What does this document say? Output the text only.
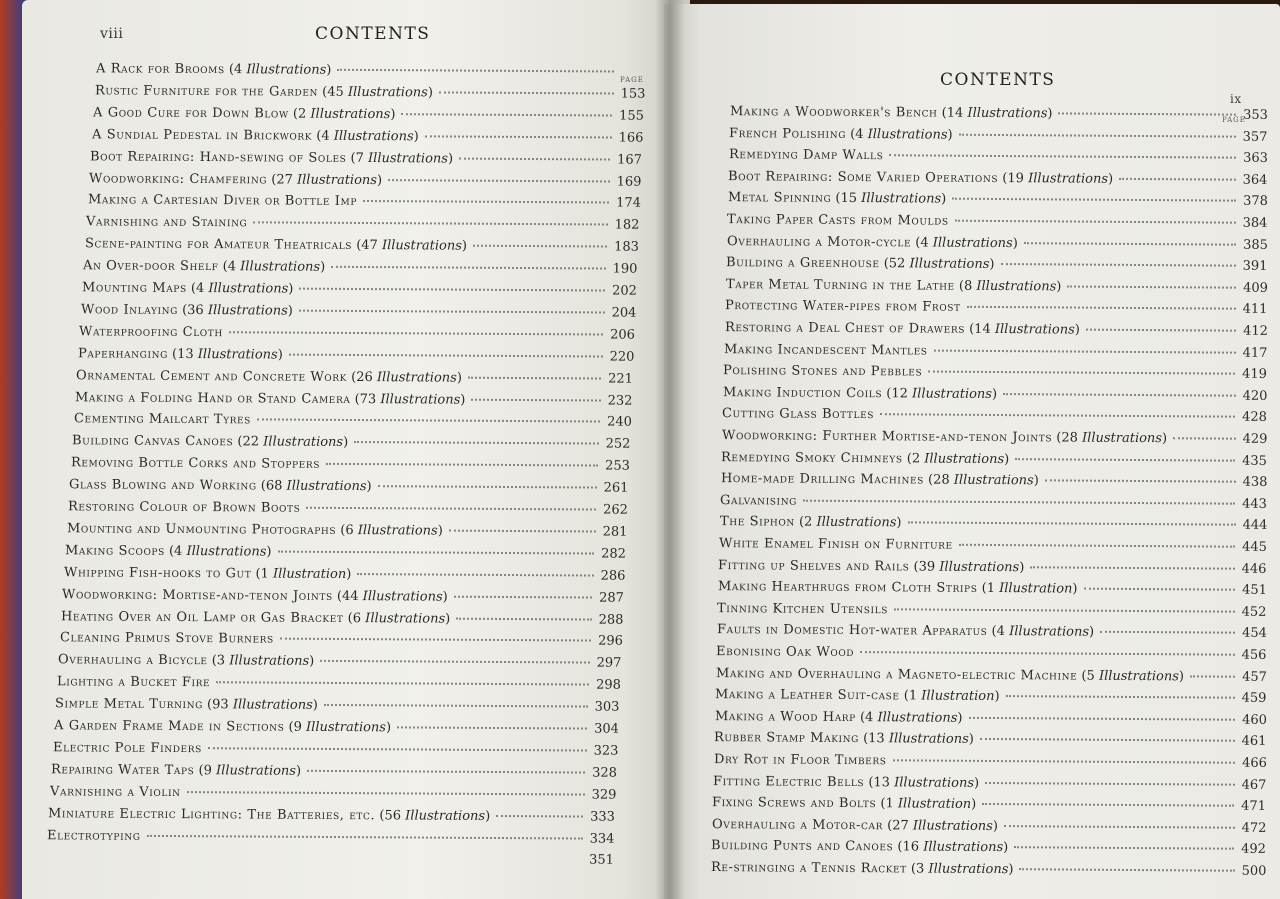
viii	CONTENTS
PAGE
A Rack for Brooms (4 Illustrations)
Rustic Furniture for the Garden (45 Illustrations)	153
A Good Cure for Down Blow (2 Illustrations)	155
A Sundial Pedestal in Brickwork (4 Illustrations)	166
Boot Repairing: Hand-sewing of Soles (7 Illustrations)	167
Woodworking: Chamfering (27 Illustrations)	169
Making a Cartesian Diver or Bottle Imp	174
Varnishing and Staining	182
Scene-painting for Amateur Theatricals (47 Illustrations)	183
An Over-door Shelf (4 Illustrations)	190
Mounting Maps (4 Illustrations)	202
Wood Inlaying (36 Illustrations)	204
Waterproofing Cloth	206
Paperhanging (13 Illustrations)	220
Ornamental Cement and Concrete Work (26 Illustrations)	221
Making a Folding Hand or Stand Camera (73 Illustrations)	232
Cementing Mailcart Tyres	240
Building Canvas Canoes (22 Illustrations)	252
Removing Bottle Corks and Stoppers	253
Glass Blowing and Working (68 Illustrations)	261
Restoring Colour of Brown Boots	262
Mounting and Unmounting Photographs (6 Illustrations)	281
Making Scoops (4 Illustrations)	282
Whipping Fish-hooks to Gut (1 Illustration)	286
Woodworking: Mortise-and-tenon Joints (44 Illustrations)	287
Heating Over an Oil Lamp or Gas Bracket (6 Illustrations)	288
Cleaning Primus Stove Burners	296
Overhauling a Bicycle (3 Illustrations)	297
Lighting a Bucket Fire	298
Simple Metal Turning (93 Illustrations)	303
A Garden Frame Made in Sections (9 Illustrations)	304
Electric Pole Finders	323
Repairing Water Taps (9 Illustrations)	328
Varnishing a Violin	329
Miniature Electric Lighting: The Batteries, etc. (56 Illustrations)	333
Electrotyping	334
351
CONTENTS
ix
PAGE
Making a Woodworker's Bench (14 Illustrations)	353
French Polishing (4 Illustrations)	357
Remedying Damp Walls	363
Boot Repairing: Some Varied Operations (19 Illustrations)	364
Metal Spinning (15 Illustrations)	378
Taking Paper Casts from Moulds	384
Overhauling a Motor-cycle (4 Illustrations)	385
Building a Greenhouse (52 Illustrations)	391
Taper Metal Turning in the Lathe (8 Illustrations)	409
Protecting Water-pipes from Frost	411
Restoring a Deal Chest of Drawers (14 Illustrations)	412
Making Incandescent Mantles	417
Polishing Stones and Pebbles	419
Making Induction Coils (12 Illustrations)	420
Cutting Glass Bottles	428
Woodworking: Further Mortise-and-tenon Joints (28 Illustrations)	429
Remedying Smoky Chimneys (2 Illustrations)	435
Home-made Drilling Machines (28 Illustrations)	438
Galvanising	443
The Siphon (2 Illustrations)	444
White Enamel Finish on Furniture	445
Fitting up Shelves and Rails (39 Illustrations)	446
Making Hearthrugs from Cloth Strips (1 Illustration)	451
Tinning Kitchen Utensils	452
Faults in Domestic Hot-water Apparatus (4 Illustrations)	454
Ebonising Oak Wood	456
Making and Overhauling a Magneto-electric Machine (5 Illustrations)	457
Making a Leather Suit-case (1 Illustration)	459
Making a Wood Harp (4 Illustrations)	460
Rubber Stamp Making (13 Illustrations)	461
Dry Rot in Floor Timbers	466
Fitting Electric Bells (13 Illustrations)	467
Fixing Screws and Bolts (1 Illustration)	471
Overhauling a Motor-car (27 Illustrations)	472
Building Punts and Canoes (16 Illustrations)	492
Re-stringing a Tennis Racket (3 Illustrations)	500
